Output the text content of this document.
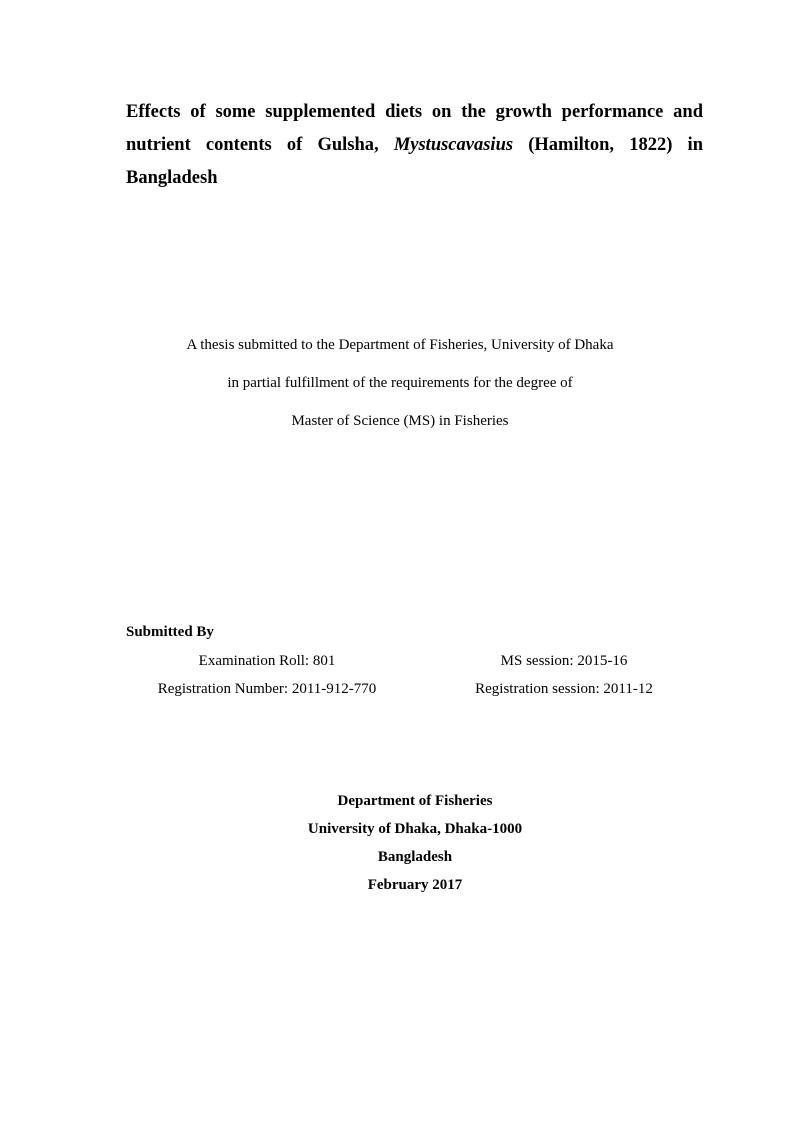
Effects of some supplemented diets on the growth performance and
nutrient contents of Gulsha, Mystuscavasius (Hamilton, 1822) in
Bangladesh

A thesis submitted to the Department of Fisheries, University of Dhaka

in partial fulfillment of the requirements for the degree of

Master of Science (MS) in Fisheries

Submitted By

Examination Roll: 801	MS session: 2015-16

Registration Number: 2011-912-770	Registration session: 2011-12

Department of Fisheries

University of Dhaka, Dhaka-1000

Bangladesh

February 2017
